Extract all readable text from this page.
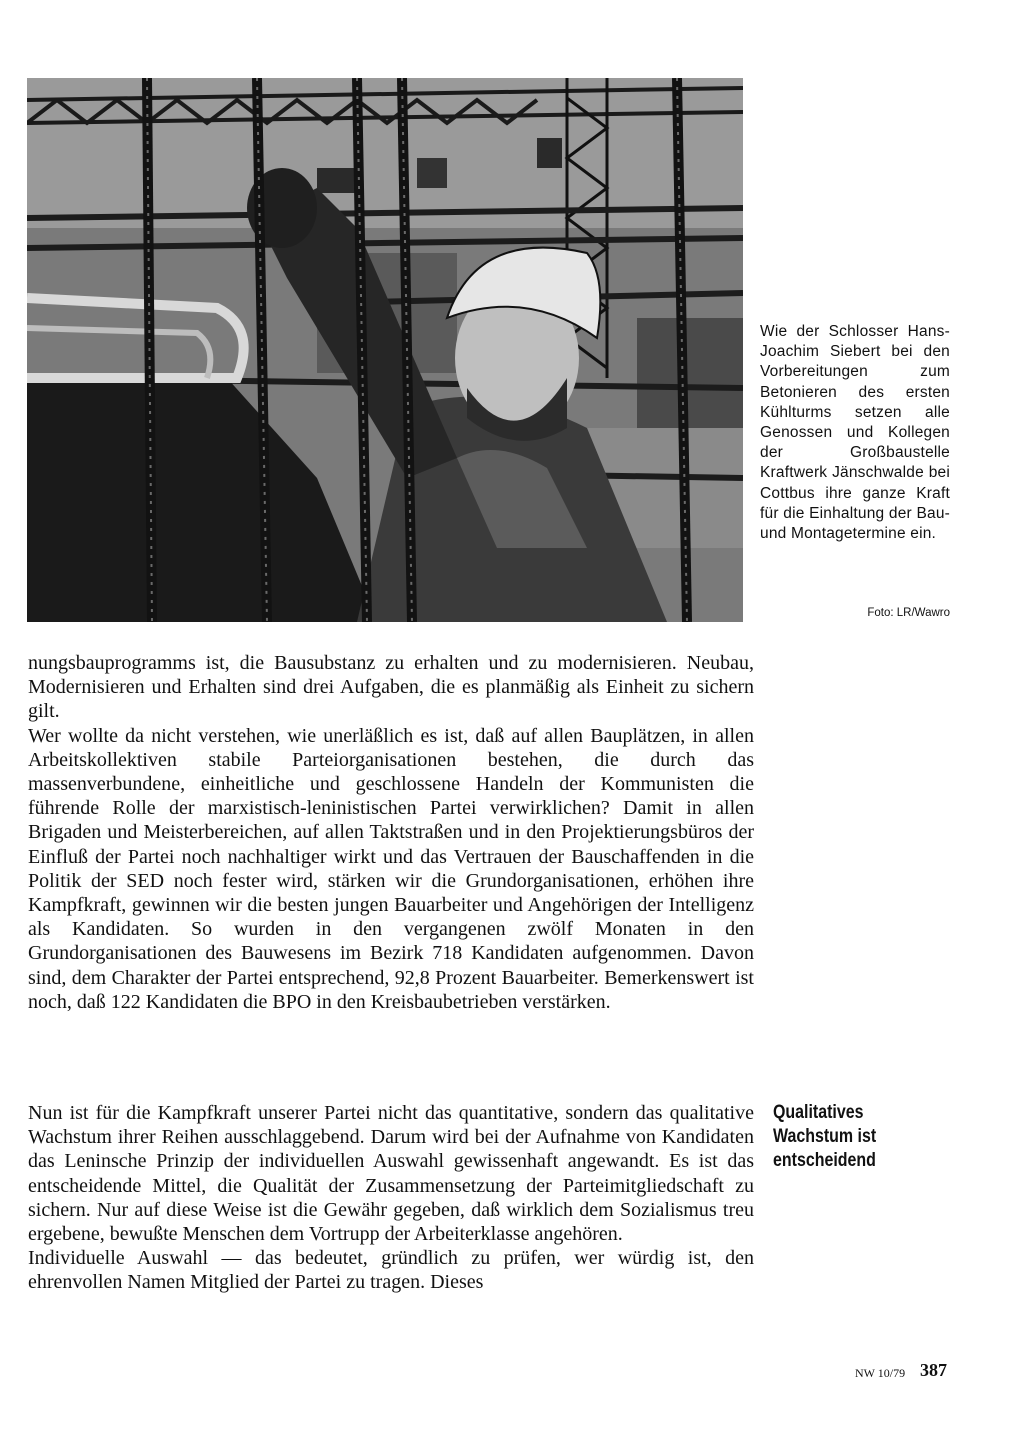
Wie der Schlosser Hans-Joachim Siebert bei den Vorbereitungen zum Betonieren des ersten Kühlturms setzen alle Genossen und Kollegen der Großbaustelle Kraftwerk Jänschwalde bei Cottbus ihre ganze Kraft für die Einhaltung der Bau- und Montagetermine ein.
Foto: LR/Wawro

nungsbauprogramms ist, die Bausubstanz zu erhalten und zu modernisieren. Neubau, Modernisieren und Erhalten sind drei Aufgaben, die es planmäßig als Einheit zu sichern gilt.

Wer wollte da nicht verstehen, wie unerläßlich es ist, daß auf allen Bauplätzen, in allen Arbeitskollektiven stabile Parteiorganisationen bestehen, die durch das massenverbundene, einheitliche und geschlossene Handeln der Kommunisten die führende Rolle der marxistisch-leninistischen Partei verwirklichen? Damit in allen Brigaden und Meisterbereichen, auf allen Taktstraßen und in den Projektierungsbüros der Einfluß der Partei noch nachhaltiger wirkt und das Vertrauen der Bauschaffenden in die Politik der SED noch fester wird, stärken wir die Grundorganisationen, erhöhen ihre Kampfkraft, gewinnen wir die besten jungen Bauarbeiter und Angehörigen der Intelligenz als Kandidaten. So wurden in den vergangenen zwölf Monaten in den Grundorganisationen des Bauwesens im Bezirk 718 Kandidaten aufgenommen. Davon sind, dem Charakter der Partei entsprechend, 92,8 Prozent Bauarbeiter. Bemerkenswert ist noch, daß 122 Kandidaten die BPO in den Kreisbaubetrieben verstärken.

Nun ist für die Kampfkraft unserer Partei nicht das quantitative, sondern das qualitative Wachstum ihrer Reihen ausschlaggebend. Darum wird bei der Aufnahme von Kandidaten das Leninsche Prinzip der individuellen Auswahl gewissenhaft angewandt. Es ist das entscheidende Mittel, die Qualität der Zusammensetzung der Parteimitgliedschaft zu sichern. Nur auf diese Weise ist die Gewähr gegeben, daß wirklich dem Sozialismus treu ergebene, bewußte Menschen dem Vortrupp der Arbeiterklasse angehören.

Individuelle Auswahl — das bedeutet, gründlich zu prüfen, wer würdig ist, den ehrenvollen Namen Mitglied der Partei zu tragen. Dieses

Qualitatives
Wachstum ist
entscheidend
NW 10/79 387
